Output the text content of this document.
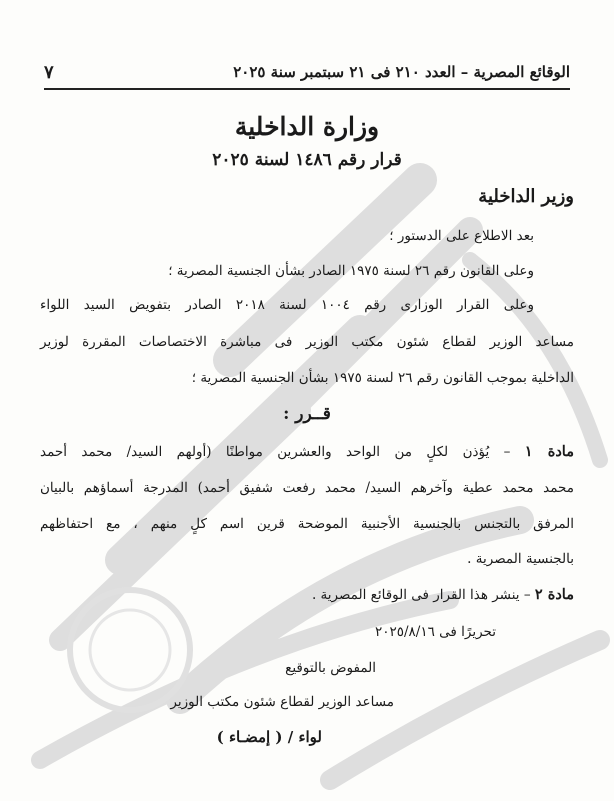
الوقائع المصرية – العدد ٢١٠ فى ٢١ سبتمبر سنة ٢٠٢٥
٧
وزارة الداخلية
قرار رقم ١٤٨٦ لسنة ٢٠٢٥
وزير الداخلية
بعد الاطلاع على الدستور ؛
وعلى القانون رقم ٢٦ لسنة ١٩٧٥ الصادر بشأن الجنسية المصرية ؛
وعلى القرار الوزارى رقم ١٠٠٤ لسنة ٢٠١٨ الصادر بتفويض السيد اللواء
مساعد الوزير لقطاع شئون مكتب الوزير فى مباشرة الاختصاصات المقررة لوزير
الداخلية بموجب القانون رقم ٢٦ لسنة ١٩٧٥ بشأن الجنسية المصرية ؛
قــرر :
مادة ١ – يُؤذن لكلٍ من الواحد والعشرين مواطنًا (أولهم السيد/ محمد أحمد
محمد محمد عطية وآخرهم السيد/ محمد رفعت شفيق أحمد) المدرجة أسماؤهم بالبيان
المرفق بالتجنس بالجنسية الأجنبية الموضحة قرين اسم كلٍ منهم ، مع احتفاظهم
بالجنسية المصرية .
مادة ٢ – ينشر هذا القرار فى الوقائع المصرية .
تحريرًا فى ٢٠٢٥/٨/١٦
المفوض بالتوقيع
مساعد الوزير لقطاع شئون مكتب الوزير
لواء / ( إمضـاء )
